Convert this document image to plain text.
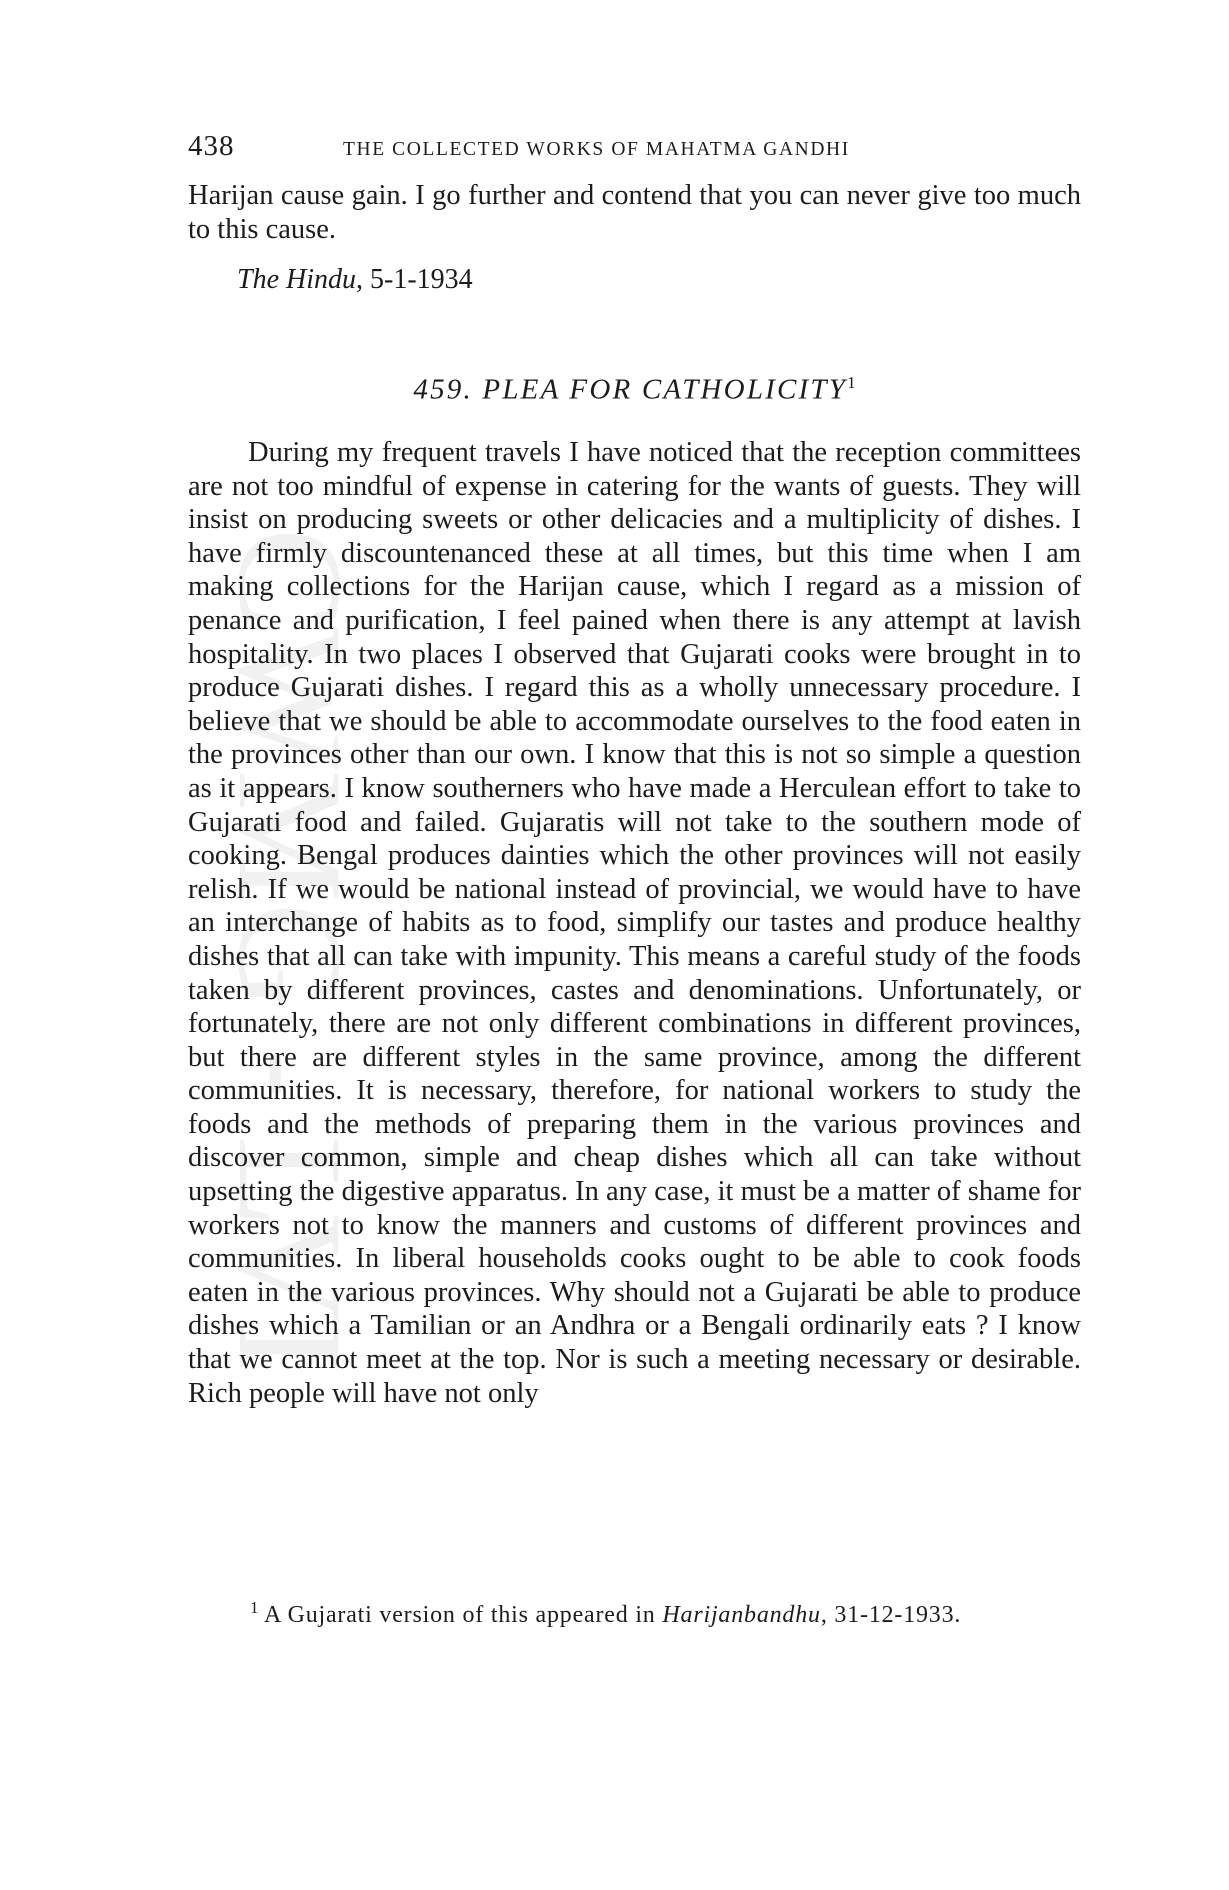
CWMG - LVI
438	THE COLLECTED WORKS OF MAHATMA GANDHI
Harijan cause gain. I go further and contend that you can never give too much to this cause.
The Hindu, 5-1-1934
459. PLEA FOR CATHOLICITY$^1$
During my frequent travels I have noticed that the reception committees are not too mindful of expense in catering for the wants of guests. They will insist on producing sweets or other delicacies and a multiplicity of dishes. I have firmly discountenanced these at all times, but this time when I am making collections for the Harijan cause, which I regard as a mission of penance and purification, I feel pained when there is any attempt at lavish hospitality. In two places I observed that Gujarati cooks were brought in to produce Gujarati dishes. I regard this as a wholly unnecessary procedure. I believe that we should be able to accommodate ourselves to the food eaten in the provinces other than our own. I know that this is not so simple a question as it appears. I know southerners who have made a Herculean effort to take to Gujarati food and failed. Gujaratis will not take to the southern mode of cooking. Bengal produces dainties which the other provinces will not easily relish. If we would be national instead of provincial, we would have to have an interchange of habits as to food, simplify our tastes and produce healthy dishes that all can take with impunity. This means a careful study of the foods taken by different provinces, castes and denominations. Unfortunately, or fortunately, there are not only different combinations in different provinces, but there are different styles in the same province, among the different communities. It is necessary, therefore, for national workers to study the foods and the methods of preparing them in the various provinces and discover common, simple and cheap dishes which all can take without upsetting the digestive apparatus. In any case, it must be a matter of shame for workers not to know the manners and customs of different provinces and communities. In liberal households cooks ought to be able to cook foods eaten in the various provinces. Why should not a Gujarati be able to produce dishes which a Tamilian or an Andhra or a Bengali ordinarily eats ? I know that we cannot meet at the top. Nor is such a meeting necessary or desirable. Rich people will have not only
$^1$ A Gujarati version of this appeared in Harijanbandhu, 31-12-1933.
